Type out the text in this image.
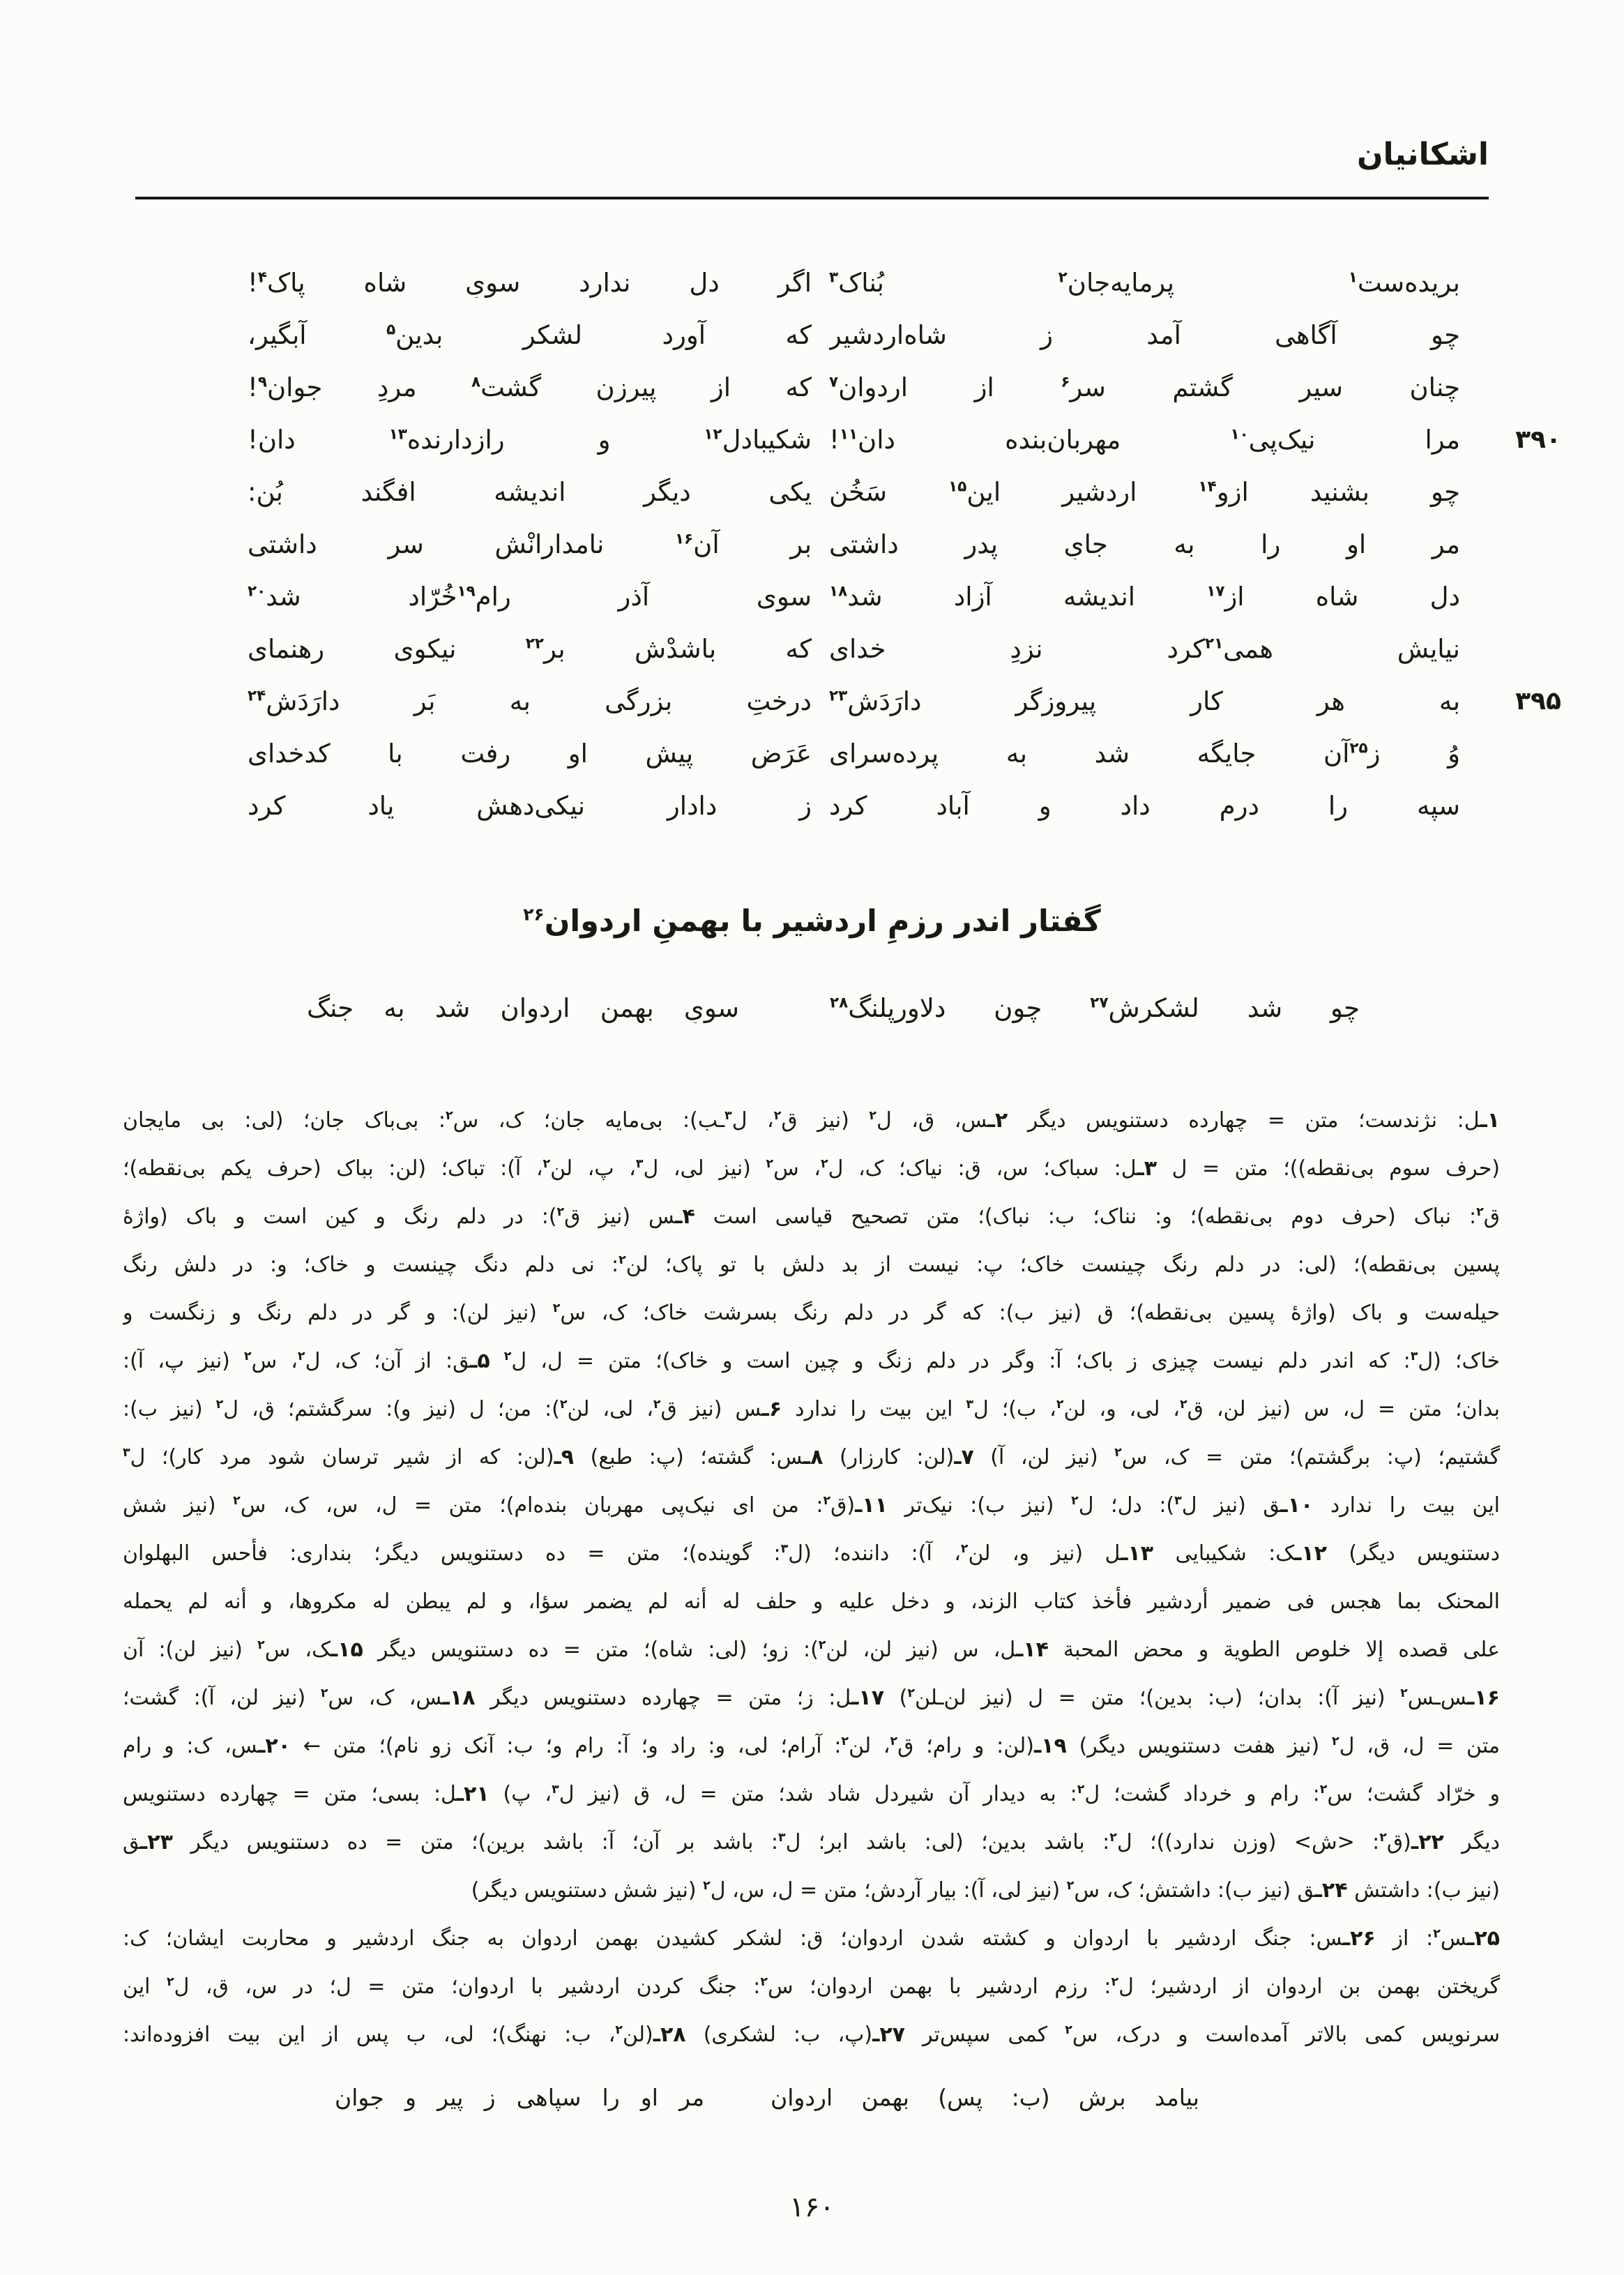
اشکانیان
بریده‌ست$^۱$ پرمایه‌جانِ$^۲$ بُناک$^۳$
اگر دل ندارد سویِ شاه پاک$^۴$!
چو آگاهی آمد ز شاه‌اردشیر
که آورد لشکر بدین$^۵$ آبگیر،
چنان سیر گشتم سر$^۶$ از اردوان$^۷$
که از پیرزن گشت$^۸$ مردِ جوان$^۹$!
۳۹۰
مرا نیک‌پی$^{۱۰}$ مهربان‌بنده دان$^{۱۱}$!
شکیبادل$^{۱۲}$ و رازدارنده$^{۱۳}$ دان!
چو بشنید ازو$^{۱۴}$ اردشیر این$^{۱۵}$ سَخُن
یکی دیگر اندیشه افگند بُن:
مر او را به جایِ پدر داشتی
بر آن$^{۱۶}$ نامدارانْش سر داشتی
دل شاه از$^{۱۷}$ اندیشه آزاد شد$^{۱۸}$
سوی آذرِ رام$^{۱۹}$خُرّاد شد$^{۲۰}$
نیایش همی$^{۲۱}$کرد نزدِ خدای
که باشدْش بر$^{۲۲}$ نیکوی رهنمای
۳۹۵
به هر کار پیروزگر دارَدَش$^{۲۳}$
درختِ بزرگی به بَر دارَدَش$^{۲۴}$
وُ ز$^{۲۵}$آن جایگه شد به پرده‌سرای
عَرَض پیشِ او رفت با کدخدای
سپه را درم داد و آباد کرد
ز دادارِ نیکی‌دهش یاد کرد
گفتار اندر رزمِ اردشیر با بهمنِ اردوان$^{۲۶}$
چو شد لشکرش$^{۲۷}$ چون دلاورپلنگ$^{۲۸}$
سویِ بهمنِ اردوان شد به جنگ
۱ـل: نژندست؛ متن = چهارده دستنویس دیگر ۲ـس، ق، ل$^۲$ (نیز ق$^۲$، ل$^۳$ـب): بی‌مایه جان؛ ک، س$^۲$: بی‌باک جان؛ (لی: بی مایجان
(حرف سوم بی‌نقطه))؛ متن = ل ۳ـل: سباک؛ س، ق: نیاک؛ ک، ل$^۲$، س$^۲$ (نیز لی، ل$^۳$، پ، لن$^۲$، آ): تباک؛ (لن: بباک (حرف یکم بی‌نقطه)؛
ق$^۲$: نباک (حرف دوم بی‌نقطه)؛ و: نناک؛ ب: نباک)؛ متن تصحیح قیاسی است ۴ـس (نیز ق$^۲$): در دلم رنگ و کین است و باک (واژهٔ
پسین بی‌نقطه)؛ (لی: در دلم رنگ چینست خاک؛ پ: نیست از بد دلش با تو پاک؛ لن$^۲$: نی دلم دنگ چینست و خاک؛ و: در دلش رنگ
حیله‌ست و باک (واژهٔ پسین بی‌نقطه)؛ ق (نیز ب): که گر در دلم رنگ بسرشت خاک؛ ک، س$^۲$ (نیز لن): و گر در دلم رنگ و زنگست و
خاک؛ (ل$^۳$: که اندر دلم نیست چیزی ز باک؛ آ: وگر در دلم زنگ و چین است و خاک)؛ متن = ل، ل$^۲$ ۵ـق: از آن؛ ک، ل$^۲$، س$^۲$ (نیز پ، آ):
بدان؛ متن = ل، س (نیز لن، ق$^۲$، لی، و، لن$^۲$، ب)؛ ل$^۳$ این بیت را ندارد ۶ـس (نیز ق$^۲$، لی، لن$^۲$): من؛ ل (نیز و): سرگشتم؛ ق، ل$^۲$ (نیز ب):
گشتیم؛ (پ: برگشتم)؛ متن = ک، س$^۲$ (نیز لن، آ) ۷ـ(لن: کارزار) ۸ـس: گشته؛ (پ: طبع) ۹ـ(لن: که از شیر ترسان شود مرد کار)؛ ل$^۳$
این بیت را ندارد ۱۰ـق (نیز ل$^۳$): دل؛ ل$^۲$ (نیز ب): نیک‌تر ۱۱ـ(ق$^۲$: من ای نیک‌پی مهربان بنده‌ام)؛ متن = ل، س، ک، س$^۲$ (نیز شش
دستنویس دیگر) ۱۲ـک: شکیبایی ۱۳ـل (نیز و، لن$^۲$، آ): داننده؛ (ل$^۳$: گوینده)؛ متن = ده دستنویس دیگر؛ بنداری: فأحس البهلوان
المحنک بما هجس فی ضمیر أردشیر فأخذ کتاب الزند، و دخل علیه و حلف له أنه لم یضمر سؤا، و لم یبطن له مکروها، و أنه لم یحمله
علی قصده إلا خلوص الطویة و محض المحبة ۱۴ـل، س (نیز لن، لن$^۲$): زو؛ (لی: شاه)؛ متن = ده دستنویس دیگر ۱۵ـک، س$^۲$ (نیز لن): آن
۱۶ـس‌ـس$^۲$ (نیز آ): بدان؛ (ب: بدین)؛ متن = ل (نیز لن‌ـلن$^۲$) ۱۷ـل: ز؛ متن = چهارده دستنویس دیگر ۱۸ـس، ک، س$^۲$ (نیز لن، آ): گشت؛
متن = ل، ق، ل$^۲$ (نیز هفت دستنویس دیگر) ۱۹ـ(لن: و رام؛ ق$^۲$، لن$^۲$: آرام؛ لی، و: راد و؛ آ: رام و؛ ب: آنک زو نام)؛ متن ← ۲۰ـس، ک: و رام
و خرّاد گشت؛ س$^۲$: رام و خرداد گشت؛ ل$^۲$: به دیدار آن شیردل شاد شد؛ متن = ل، ق (نیز ل$^۳$، پ) ۲۱ـل: بسی؛ متن = چهارده دستنویس
دیگر ۲۲ـ(ق$^۲$: <ش> (وزن ندارد))؛ ل$^۲$: باشد بدین؛ (لی: باشد ابر؛ ل$^۳$: باشد بر آن؛ آ: باشد برین)؛ متن = ده دستنویس دیگر ۲۳ـق
(نیز ب): داشتش ۲۴ـق (نیز ب): داشتش؛ ک، س$^۲$ (نیز لی، آ): بیار آردش؛ متن = ل، س، ل$^۲$ (نیز شش دستنویس دیگر)
۲۵ـس$^۲$: از ۲۶ـس: جنگ اردشیر با اردوان و کشته شدن اردوان؛ ق: لشکر کشیدن بهمن اردوان به جنگ اردشیر و محاربت ایشان؛ ک:
گریختن بهمن بن اردوان از اردشیر؛ ل$^۲$: رزم اردشیر با بهمن اردوان؛ س$^۲$: جنگ کردن اردشیر با اردوان؛ متن = ل؛ در س، ق، ل$^۲$ این
سرنویس کمی بالاتر آمده‌است و درک، س$^۲$ کمی سپس‌تر ۲۷ـ(پ، ب: لشکری) ۲۸ـ(لن$^۲$، ب: نهنگ)؛ لی، ب پس از این بیت افزوده‌اند:
بیامد برش (ب: پس) بهمن اردوان
مر او را سپاهی ز پیر و جوان
۱۶۰
